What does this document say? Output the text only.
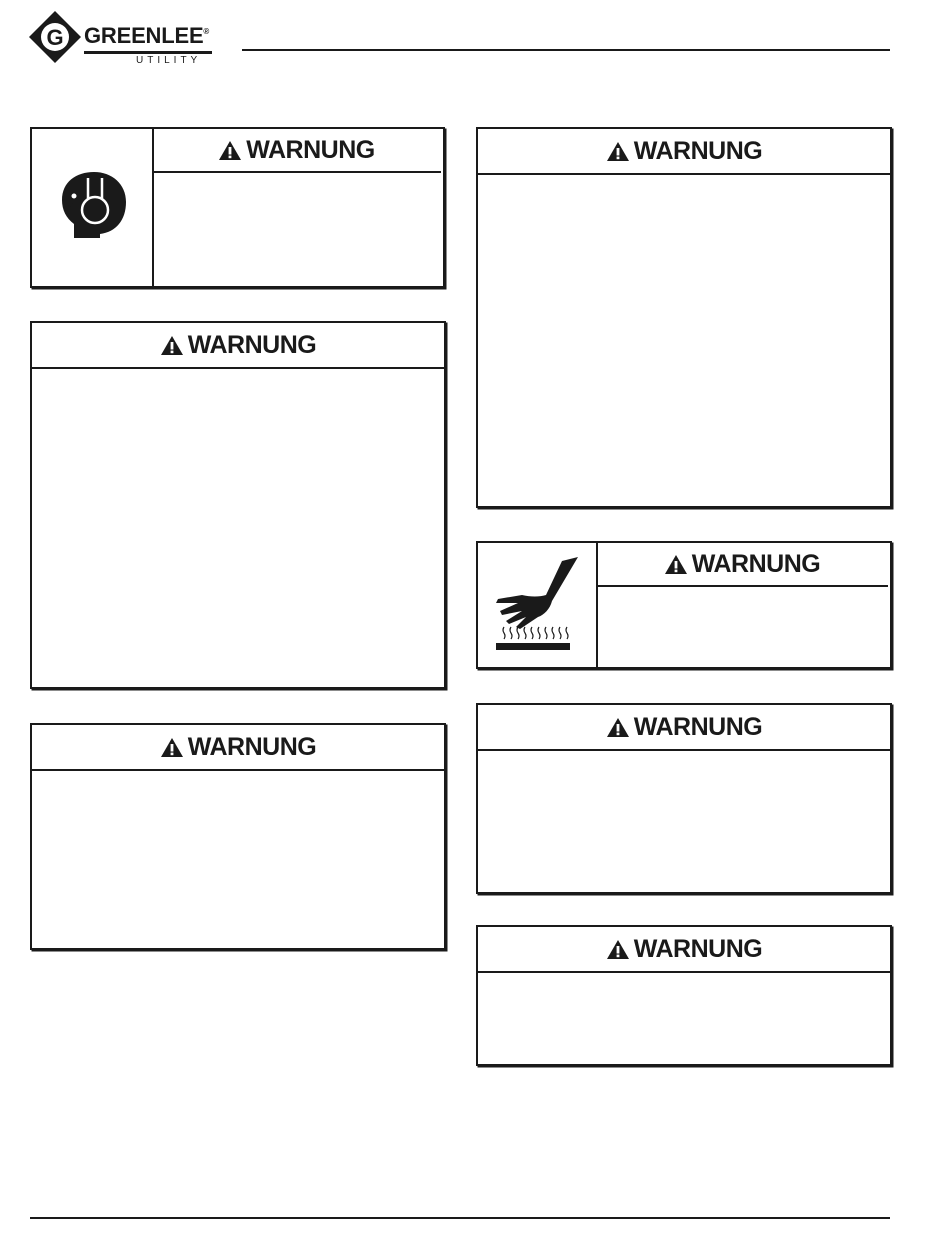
G GREENLEE®
UTILITY
WARNUNG
WARNUNG
WARNUNG
WARNUNG
WARNUNG
WARNUNG
WARNUNG
